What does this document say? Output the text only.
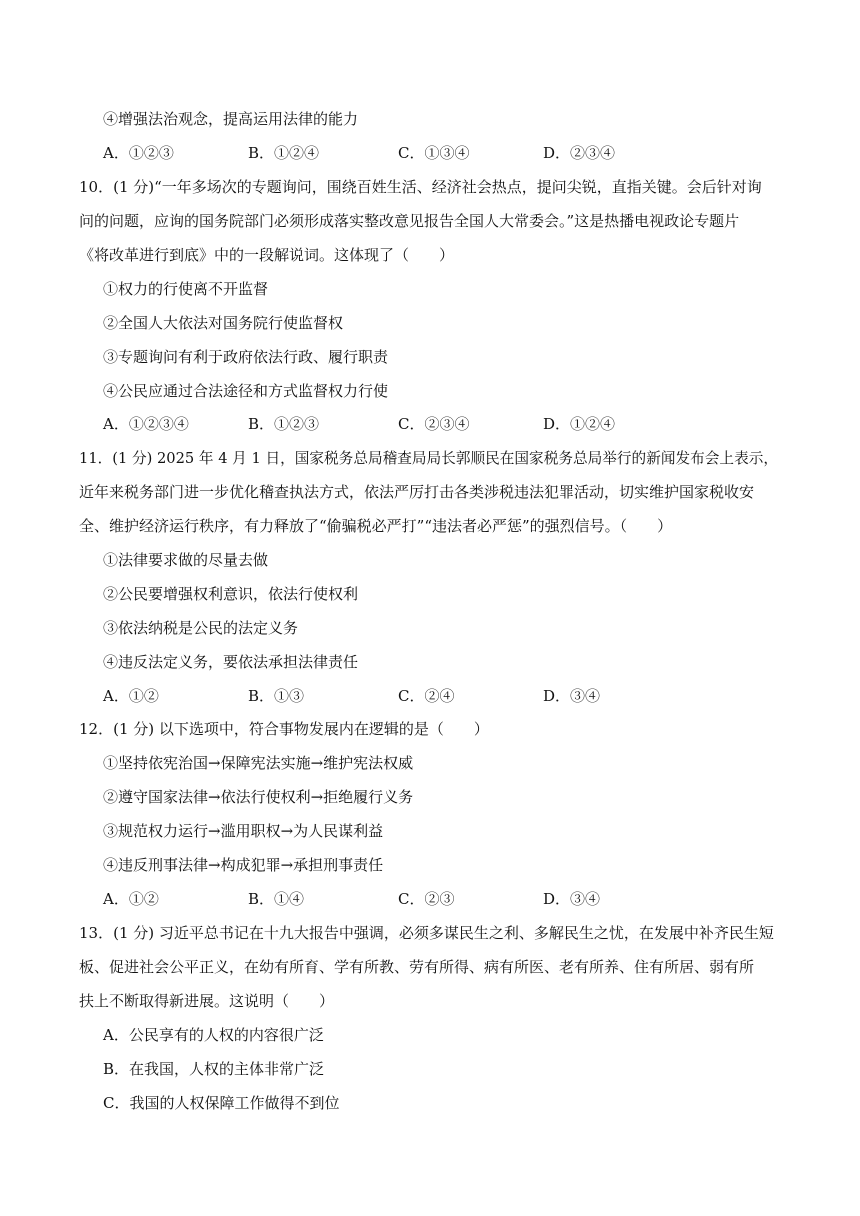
④增强法治观念，提高运用法律的能力
A．①②③	B．①②④	C．①③④	D．②③④
10．(1 分)“一年多场次的专题询问，围绕百姓生活、经济社会热点，提问尖锐，直指关键。会后针对询
问的问题，应询的国务院部门必须形成落实整改意见报告全国人大常委会。”这是热播电视政论专题片
《将改革进行到底》中的一段解说词。这体现了（　　）
①权力的行使离不开监督
②全国人大依法对国务院行使监督权
③专题询问有利于政府依法行政、履行职责
④公民应通过合法途径和方式监督权力行使
A．①②③④	B．①②③	C．②③④	D．①②④
11．(1 分) 2025 年 4 月 1 日，国家税务总局稽查局局长郭顺民在国家税务总局举行的新闻发布会上表示，
近年来税务部门进一步优化稽查执法方式，依法严厉打击各类涉税违法犯罪活动，切实维护国家税收安
全、维护经济运行秩序，有力释放了“偷骗税必严打”“违法者必严惩”的强烈信号。（　　）
①法律要求做的尽量去做
②公民要增强权利意识，依法行使权利
③依法纳税是公民的法定义务
④违反法定义务，要依法承担法律责任
A．①②	B．①③	C．②④	D．③④
12．(1 分) 以下选项中，符合事物发展内在逻辑的是（　　）
①坚持依宪治国→保障宪法实施→维护宪法权威
②遵守国家法律→依法行使权利→拒绝履行义务
③规范权力运行→滥用职权→为人民谋利益
④违反刑事法律→构成犯罪→承担刑事责任
A．①②	B．①④	C．②③	D．③④
13．(1 分) 习近平总书记在十九大报告中强调，必须多谋民生之利、多解民生之忧，在发展中补齐民生短
板、促进社会公平正义，在幼有所育、学有所教、劳有所得、病有所医、老有所养、住有所居、弱有所
扶上不断取得新进展。这说明（　　）
A．公民享有的人权的内容很广泛
B．在我国，人权的主体非常广泛
C．我国的人权保障工作做得不到位
